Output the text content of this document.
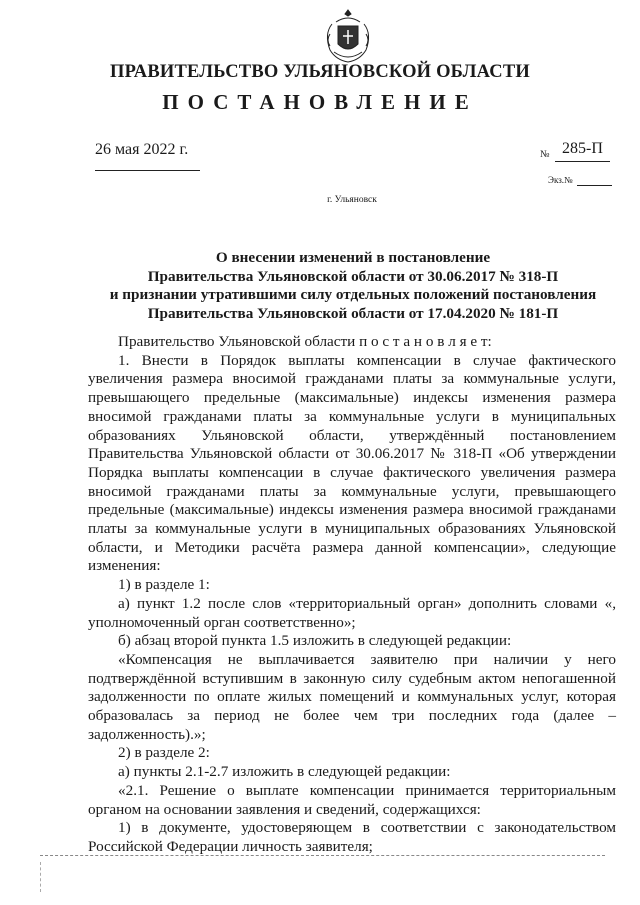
ПРАВИТЕЛЬСТВО УЛЬЯНОВСКОЙ ОБЛАСТИ
ПОСТАНОВЛЕНИЕ
26 мая 2022 г.	№ 285-П
Экз.№
г. Ульяновск
О внесении изменений в постановление
Правительства Ульяновской области от 30.06.2017 № 318-П
и признании утратившими силу отдельных положений постановления
Правительства Ульяновской области от 17.04.2020 № 181-П

Правительство Ульяновской области п о с т а н о в л я е т:

1. Внести в Порядок выплаты компенсации в случае фактического увеличения размера вносимой гражданами платы за коммунальные услуги, превышающего предельные (максимальные) индексы изменения размера вносимой гражданами платы за коммунальные услуги в муниципальных образованиях Ульяновской области, утверждённый постановлением Правительства Ульяновской области от 30.06.2017 № 318-П «Об утверждении Порядка выплаты компенсации в случае фактического увеличения размера вносимой гражданами платы за коммунальные услуги, превышающего предельные (максимальные) индексы изменения размера вносимой гражданами платы за коммунальные услуги в муниципальных образованиях Ульяновской области, и Методики расчёта размера данной компенсации», следующие изменения:

1) в разделе 1:

а) пункт 1.2 после слов «территориальный орган» дополнить словами «, уполномоченный орган соответственно»;

б) абзац второй пункта 1.5 изложить в следующей редакции:

«Компенсация не выплачивается заявителю при наличии у него подтверждённой вступившим в законную силу судебным актом непогашенной задолженности по оплате жилых помещений и коммунальных услуг, которая образовалась за период не более чем три последних года (далее – задолженность).»;

2) в разделе 2:

а) пункты 2.1-2.7 изложить в следующей редакции:

«2.1. Решение о выплате компенсации принимается территориальным органом на основании заявления и сведений, содержащихся:

1) в документе, удостоверяющем в соответствии с законодательством Российской Федерации личность заявителя;
